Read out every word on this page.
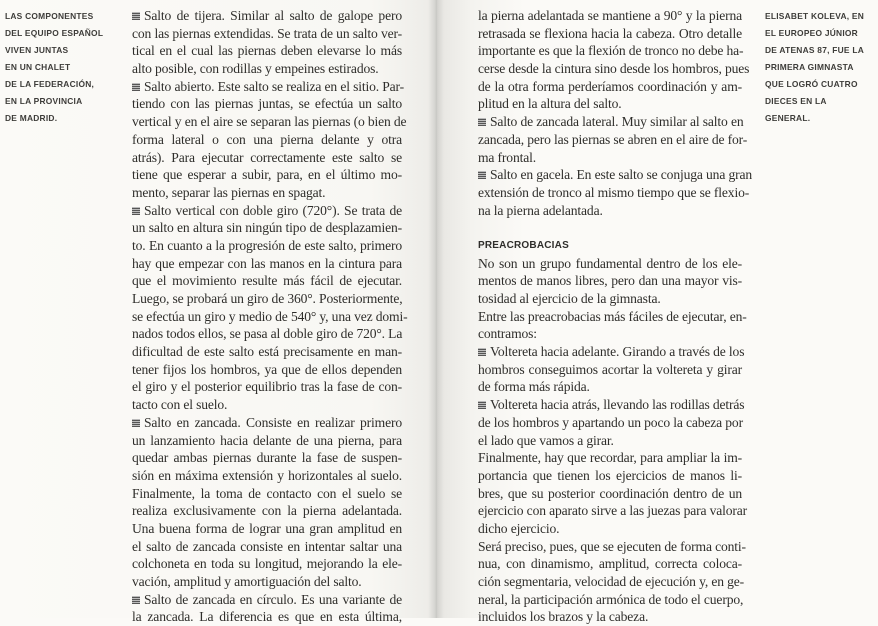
LAS COMPONENTES
DEL EQUIPO ESPAÑOL
VIVEN JUNTAS
EN UN CHALET
DE LA FEDERACIÓN,
EN LA PROVINCIA
DE MADRID.
Salto de tijera. Similar al salto de galope pero
con las piernas extendidas. Se trata de un salto ver-
tical en el cual las piernas deben elevarse lo más
alto posible, con rodillas y empeines estirados.
Salto abierto. Este salto se realiza en el sitio. Par-
tiendo con las piernas juntas, se efectúa un salto
vertical y en el aire se separan las piernas (o bien de
forma lateral o con una pierna delante y otra
atrás). Para ejecutar correctamente este salto se
tiene que esperar a subir, para, en el último mo-
mento, separar las piernas en spagat.
Salto vertical con doble giro (720°). Se trata de
un salto en altura sin ningún tipo de desplazamien-
to. En cuanto a la progresión de este salto, primero
hay que empezar con las manos en la cintura para
que el movimiento resulte más fácil de ejecutar.
Luego, se probará un giro de 360°. Posteriormente,
se efectúa un giro y medio de 540° y, una vez domi-
nados todos ellos, se pasa al doble giro de 720°. La
dificultad de este salto está precisamente en man-
tener fijos los hombros, ya que de ellos dependen
el giro y el posterior equilibrio tras la fase de con-
tacto con el suelo.
Salto en zancada. Consiste en realizar primero
un lanzamiento hacia delante de una pierna, para
quedar ambas piernas durante la fase de suspen-
sión en máxima extensión y horizontales al suelo.
Finalmente, la toma de contacto con el suelo se
realiza exclusivamente con la pierna adelantada.
Una buena forma de lograr una gran amplitud en
el salto de zancada consiste en intentar saltar una
colchoneta en toda su longitud, mejorando la ele-
vación, amplitud y amortiguación del salto.
Salto de zancada en círculo. Es una variante de
la zancada. La diferencia es que en esta última,
la pierna adelantada se mantiene a 90° y la pierna
retrasada se flexiona hacia la cabeza. Otro detalle
importante es que la flexión de tronco no debe ha-
cerse desde la cintura sino desde los hombros, pues
de la otra forma perderíamos coordinación y am-
plitud en la altura del salto.
Salto de zancada lateral. Muy similar al salto en
zancada, pero las piernas se abren en el aire de for-
ma frontal.
Salto en gacela. En este salto se conjuga una gran
extensión de tronco al mismo tiempo que se flexio-
na la pierna adelantada.
PREACROBACIAS
No son un grupo fundamental dentro de los ele-
mentos de manos libres, pero dan una mayor vis-
tosidad al ejercicio de la gimnasta.
Entre las preacrobacias más fáciles de ejecutar, en-
contramos:
Voltereta hacia adelante. Girando a través de los
hombros conseguimos acortar la voltereta y girar
de forma más rápida.
Voltereta hacia atrás, llevando las rodillas detrás
de los hombros y apartando un poco la cabeza por
el lado que vamos a girar.
Finalmente, hay que recordar, para ampliar la im-
portancia que tienen los ejercicios de manos li-
bres, que su posterior coordinación dentro de un
ejercicio con aparato sirve a las juezas para valorar
dicho ejercicio.
Será preciso, pues, que se ejecuten de forma conti-
nua, con dinamismo, amplitud, correcta coloca-
ción segmentaria, velocidad de ejecución y, en ge-
neral, la participación armónica de todo el cuerpo,
incluidos los brazos y la cabeza.
ELISABET KOLEVA, EN
EL EUROPEO JÚNIOR
DE ATENAS 87, FUE LA
PRIMERA GIMNASTA
QUE LOGRÓ CUATRO
DIECES EN LA
GENERAL.
